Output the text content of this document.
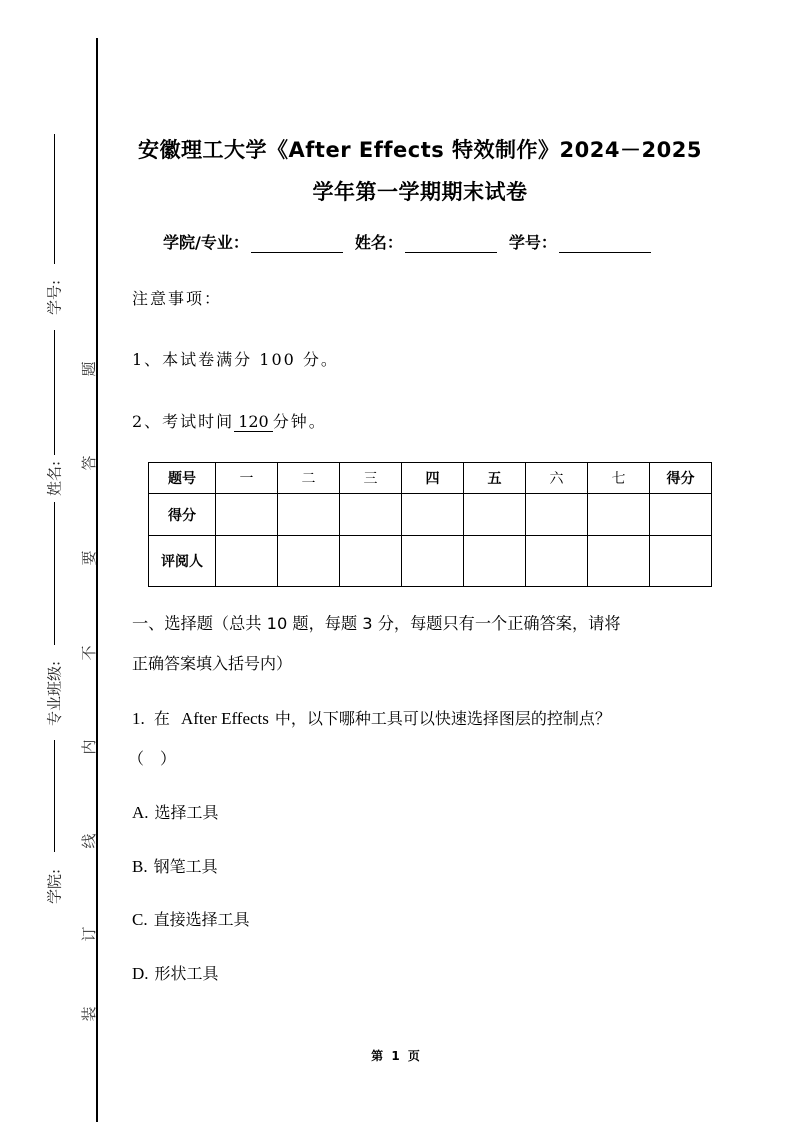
学号:
姓名:
专业班级:
学院:
题
答
要
不
内
线
订
装
安徽理工大学《After Effects 特效制作》2024－2025
学年第一学期期末试卷
学院/专业：	姓名：	学号：
注意事项：
1、本试卷满分 100 分。
2、考试时间 120 分钟。
题号	一	二	三	四	五	六	七	得分
得分								
评阅人								
一、选择题（总共 10 题，每题 3 分，每题只有一个正确答案，请将
正确答案填入括号内）
1. 在 After Effects 中，以下哪种工具可以快速选择图层的控制点？
（　）
A. 选择工具
B. 钢笔工具
C. 直接选择工具
D. 形状工具
第 1 页
